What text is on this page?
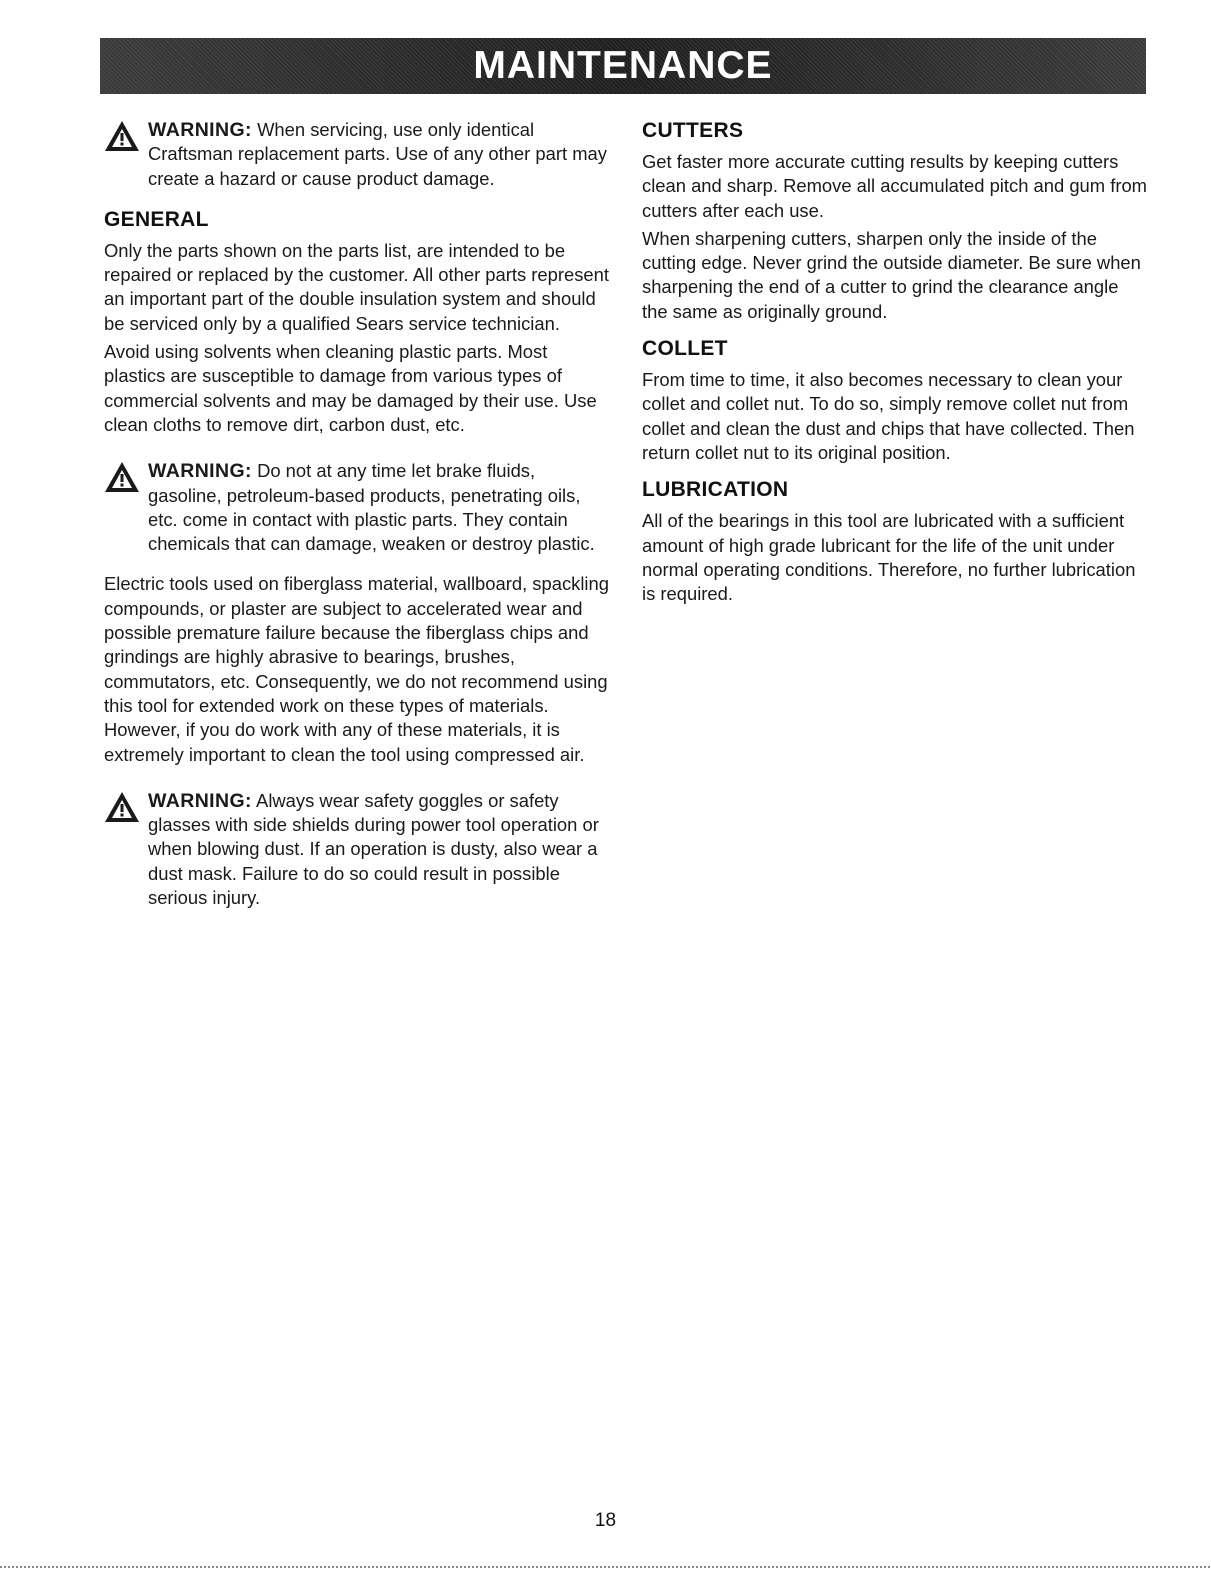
MAINTENANCE
WARNING: When servicing, use only identical Craftsman replacement parts. Use of any other part may create a hazard or cause product damage.
GENERAL

Only the parts shown on the parts list, are intended to be repaired or replaced by the customer. All other parts represent an important part of the double insulation system and should be serviced only by a qualified Sears service technician.

Avoid using solvents when cleaning plastic parts. Most plastics are susceptible to damage from various types of commercial solvents and may be damaged by their use. Use clean cloths to remove dirt, carbon dust, etc.

WARNING: Do not at any time let brake fluids, gasoline, petroleum-based products, penetrating oils, etc. come in contact with plastic parts. They contain chemicals that can damage, weaken or destroy plastic.

Electric tools used on fiberglass material, wallboard, spackling compounds, or plaster are subject to accelerated wear and possible premature failure because the fiberglass chips and grindings are highly abrasive to bearings, brushes, commutators, etc. Consequently, we do not recommend using this tool for extended work on these types of materials. However, if you do work with any of these materials, it is extremely important to clean the tool using compressed air.

WARNING: Always wear safety goggles or safety glasses with side shields during power tool operation or when blowing dust. If an operation is dusty, also wear a dust mask. Failure to do so could result in possible serious injury.
CUTTERS

Get faster more accurate cutting results by keeping cutters clean and sharp. Remove all accumulated pitch and gum from cutters after each use.

When sharpening cutters, sharpen only the inside of the cutting edge. Never grind the outside diameter. Be sure when sharpening the end of a cutter to grind the clearance angle the same as originally ground.

COLLET

From time to time, it also becomes necessary to clean your collet and collet nut. To do so, simply remove collet nut from collet and clean the dust and chips that have collected. Then return collet nut to its original position.

LUBRICATION

All of the bearings in this tool are lubricated with a sufficient amount of high grade lubricant for the life of the unit under normal operating conditions. Therefore, no further lubrication is required.

18
